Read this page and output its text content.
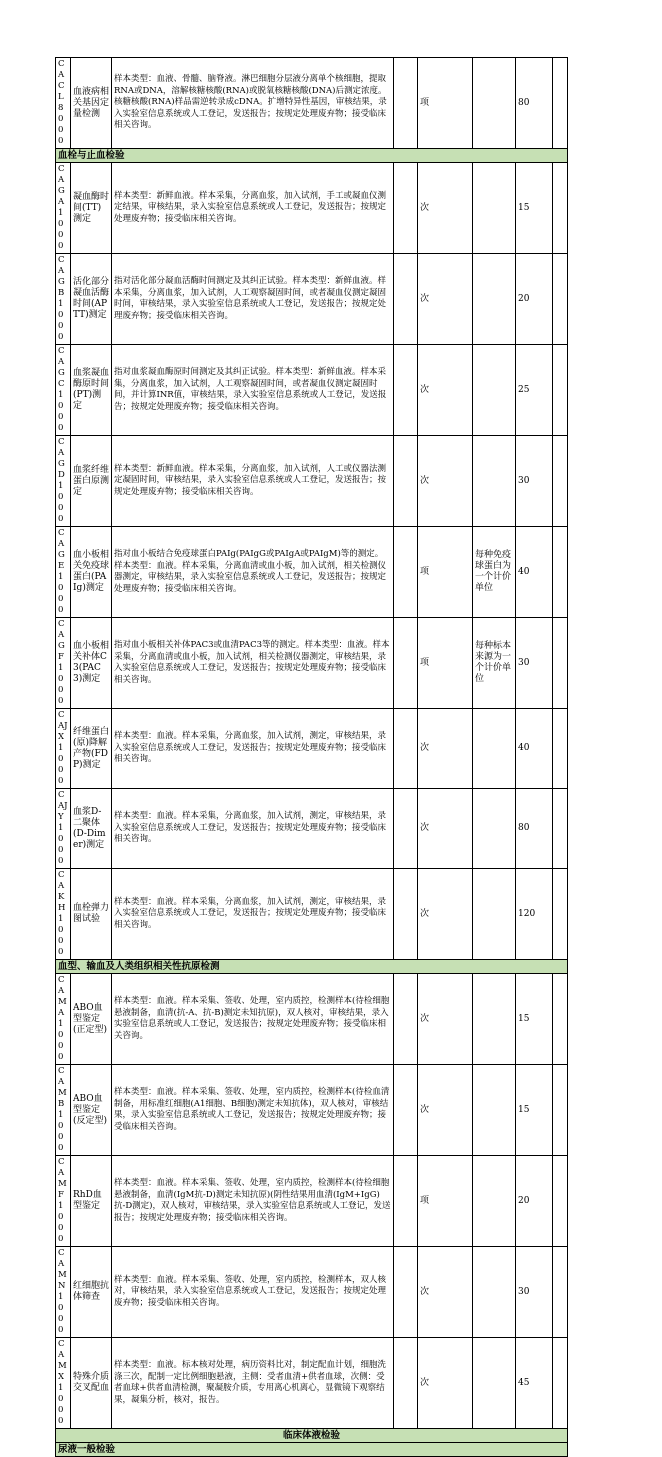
CAC L80 00	血液病相关基因定量检测	样本类型：血液、骨髓、脑脊液。淋巴细胞分层液分离单个核细胞，提取RNA或DNA，溶解核糖核酸(RNA)或脱氧核糖核酸(DNA)后测定浓度。核糖核酸(RNA)样品需逆转录成cDNA。扩增特异性基因，审核结果，录入实验室信息系统或人工登记，发送报告；按规定处理废弃物；接受临床相关咨询。		项		80	
血栓与止血检验							
CAG A10 00	凝血酶时间(TT)测定	样本类型：新鲜血液。样本采集，分离血浆，加入试剂，手工或凝血仪测定结果，审核结果，录入实验室信息系统或人工登记，发送报告；按规定处理废弃物；接受临床相关咨询。		次		15	
CAG B10 00	活化部分凝血活酶时间(APTT)测定	指对活化部分凝血活酶时间测定及其纠正试验。样本类型：新鲜血液。样本采集，分离血浆，加入试剂，人工观察凝固时间，或者凝血仪测定凝固时间，审核结果，录入实验室信息系统或人工登记，发送报告；按规定处理废弃物；接受临床相关咨询。		次		20	
CAG C10 00	血浆凝血酶原时间(PT)测定	指对血浆凝血酶原时间测定及其纠正试验。样本类型：新鲜血液。样本采集，分离血浆，加入试剂，人工观察凝固时间，或者凝血仪测定凝固时间，并计算INR值，审核结果，录入实验室信息系统或人工登记，发送报告；按规定处理废弃物；接受临床相关咨询。		次		25	
CAG D10 00	血浆纤维蛋白原测定	样本类型：新鲜血液。样本采集，分离血浆，加入试剂，人工或仪器法测定凝固时间，审核结果，录入实验室信息系统或人工登记，发送报告；按规定处理废弃物；接受临床相关咨询。		次		30	
CAG E10 00	血小板相关免疫球蛋白(PAIg)测定	指对血小板结合免疫球蛋白PAIg(PAIgG或PAIgA或PAIgM)等的测定。样本类型：血液。样本采集，分离血清或血小板，加入试剂，相关检测仪器测定，审核结果，录入实验室信息系统或人工登记，发送报告；按规定处理废弃物；接受临床相关咨询。		项	每种免疫球蛋白为一个计价单位	40	
CAG F10 00	血小板相关补体C3(PAC3)测定	指对血小板相关补体PAC3或血清PAC3等的测定。样本类型：血液。样本采集，分离血清或血小板，加入试剂，相关检测仪器测定，审核结果，录入实验室信息系统或人工登记，发送报告；按规定处理废弃物；接受临床相关咨询。		项	每种标本来源为一个计价单位	30	
CAJ X10 00	纤维蛋白(原)降解产物(FDP)测定	样本类型：血液。样本采集，分离血浆，加入试剂，测定，审核结果，录入实验室信息系统或人工登记，发送报告；按规定处理废弃物；接受临床相关咨询。		次		40	
CAJ Y10 00	血浆D-二聚体(D-Dimer)测定	样本类型：血液。样本采集，分离血浆，加入试剂，测定，审核结果，录入实验室信息系统或人工登记，发送报告；按规定处理废弃物；接受临床相关咨询。		次		80	
CAK H10 00	血栓弹力图试验	样本类型：血液。样本采集，分离血浆，加入试剂，测定，审核结果，录入实验室信息系统或人工登记，发送报告；按规定处理废弃物；接受临床相关咨询。		次		120	
血型、输血及人类组织相关性抗原检测							
CAM A10 00	ABO血型鉴定(正定型)	样本类型：血液。样本采集、签收、处理，室内质控，检测样本(待检细胞悬液制备，血清(抗-A、抗-B)测定未知抗原)，双人核对，审核结果，录入实验室信息系统或人工登记，发送报告；按规定处理废弃物；接受临床相关咨询。		次		15	
CAM B10 00	ABO血型鉴定(反定型)	样本类型：血液。样本采集、签收、处理，室内质控，检测样本(待检血清制备，用标准红细胞(A1细胞、B细胞)测定未知抗体)，双人核对，审核结果，录入实验室信息系统或人工登记，发送报告；按规定处理废弃物；接受临床相关咨询。		次		15	
CAM F10 00	RhD血型鉴定	样本类型：血液。样本采集、签收、处理，室内质控，检测样本(待检细胞悬液制备，血清(IgM抗-D)测定未知抗原)(阴性结果用血清(IgM+IgG)抗-D测定)，双人核对，审核结果，录入实验室信息系统或人工登记，发送报告；按规定处理废弃物；接受临床相关咨询。		项		20	
CAM N10 00	红细胞抗体筛查	样本类型：血液。样本采集、签收、处理，室内质控，检测样本，双人核对，审核结果，录入实验室信息系统或人工登记，发送报告；按规定处理废弃物；接受临床相关咨询。		次		30	
CAM X10 00	特殊介质交叉配血	样本类型：血液。标本核对处理，病历资料比对，制定配血计划，细胞洗涤三次，配制一定比例细胞悬液，主侧：受者血清+供者血球，次侧：受者血球+供者血清检测，聚凝胺介质，专用离心机离心，显微镜下观察结果，凝集分析，核对，报告。		次		45	
临床体液检验							
尿液一般检验							
